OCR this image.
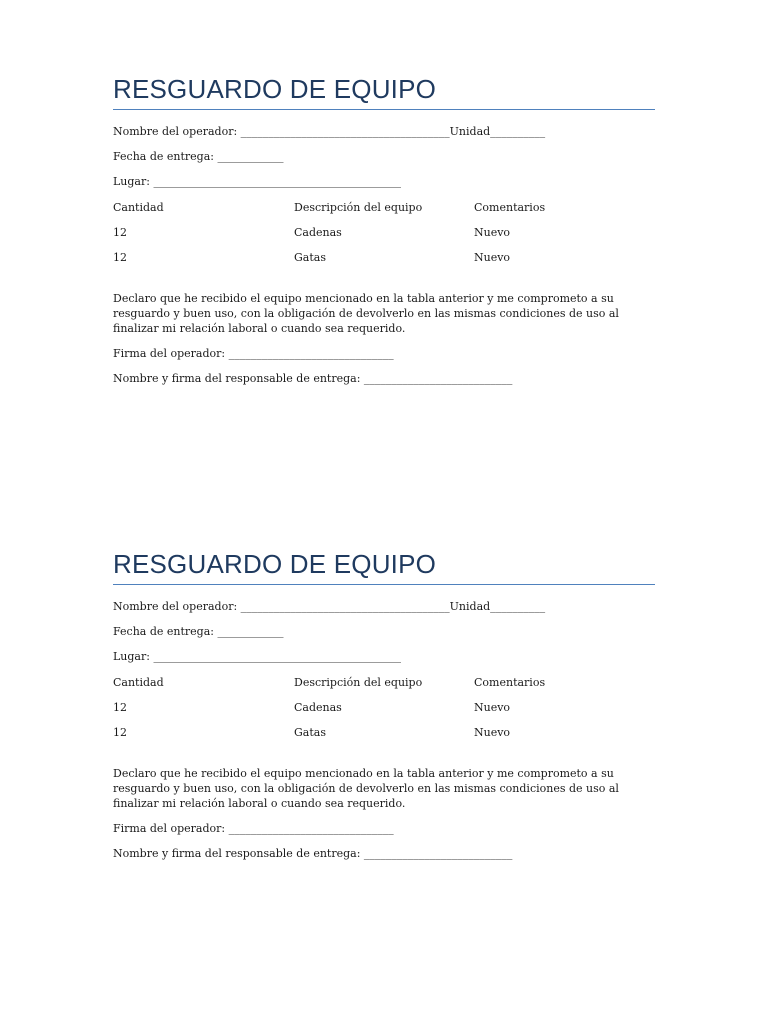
RESGUARDO DE EQUIPO
Nombre del operador: ______________________________________Unidad__________
Fecha de entrega: ____________
Lugar: _____________________________________________
Cantidad	Descripción del equipo	Comentarios
12	Cadenas	Nuevo
12	Gatas	Nuevo

Declaro que he recibido el equipo mencionado en la tabla anterior y me comprometo a su resguardo y buen uso, con la obligación de devolverlo en las mismas condiciones de uso al finalizar mi relación laboral o cuando sea requerido.

Firma del operador: ______________________________
Nombre y firma del responsable de entrega: ___________________________
RESGUARDO DE EQUIPO
Nombre del operador: ______________________________________Unidad__________
Fecha de entrega: ____________
Lugar: _____________________________________________
Cantidad	Descripción del equipo	Comentarios
12	Cadenas	Nuevo
12	Gatas	Nuevo

Declaro que he recibido el equipo mencionado en la tabla anterior y me comprometo a su resguardo y buen uso, con la obligación de devolverlo en las mismas condiciones de uso al finalizar mi relación laboral o cuando sea requerido.

Firma del operador: ______________________________
Nombre y firma del responsable de entrega: ___________________________
